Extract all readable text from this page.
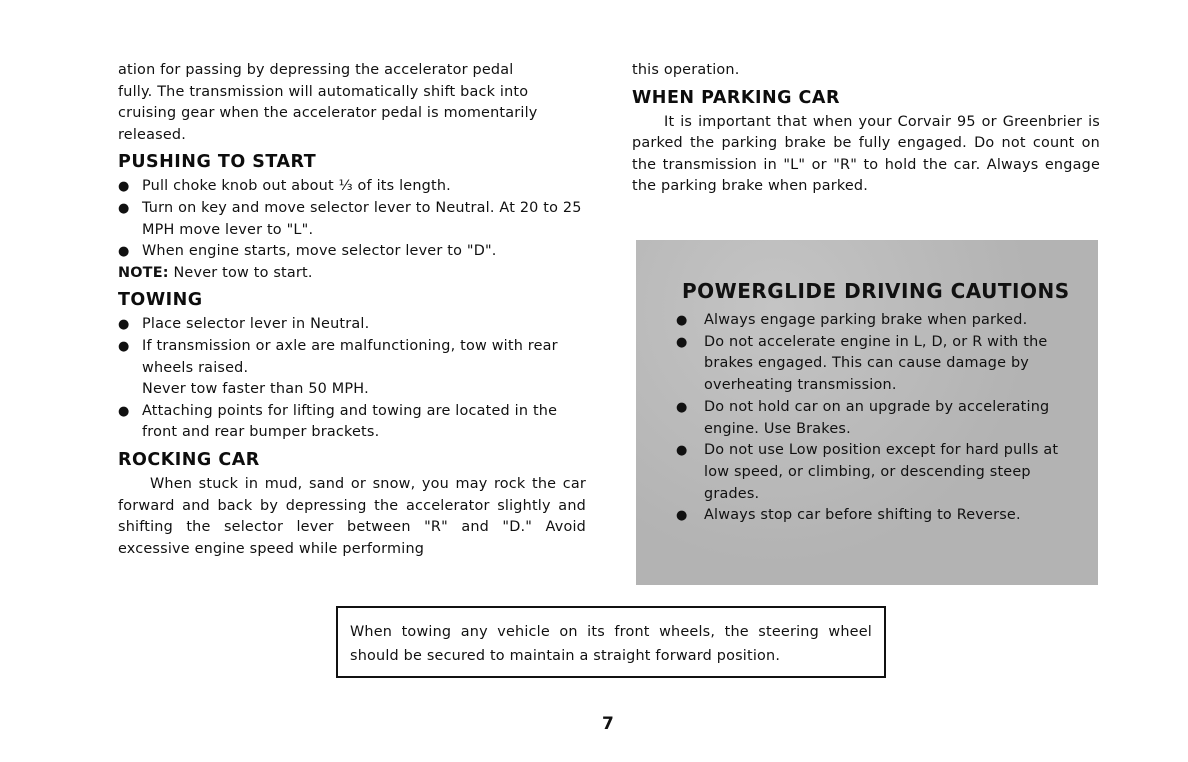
ation for passing by depressing the accelerator pedal

fully. The transmission will automatically shift back into

cruising gear when the accelerator pedal is momentarily

released.

PUSHING TO START
● Pull choke knob out about ⅓ of its length.
● Turn on key and move selector lever to Neutral. At 20 to 25 MPH move lever to "L".
● When engine starts, move selector lever to "D".

NOTE: Never tow to start.

TOWING
● Place selector lever in Neutral.
● If transmission or axle are malfunctioning, tow with rear wheels raised.
Never tow faster than 50 MPH.
● Attaching points for lifting and towing are located in the front and rear bumper brackets.
ROCKING CAR

When stuck in mud, sand or snow, you may rock the car forward and back by depressing the accelerator slightly and shifting the selector lever between "R" and "D." Avoid excessive engine speed while performing

this operation.

WHEN PARKING CAR

It is important that when your Corvair 95 or Greenbrier is parked the parking brake be fully engaged. Do not count on the transmission in "L" or "R" to hold the car. Always engage the parking brake when parked.

POWERGLIDE DRIVING CAUTIONS
● Always engage parking brake when parked.
● Do not accelerate engine in L, D, or R with the brakes engaged. This can cause damage by overheating transmission.
● Do not hold car on an upgrade by accelerating engine. Use Brakes.
● Do not use Low position except for hard pulls at low speed, or climbing, or descending steep grades.
● Always stop car before shifting to Reverse.

When towing any vehicle on its front wheels, the steering wheel should be secured to maintain a straight forward position.

7
